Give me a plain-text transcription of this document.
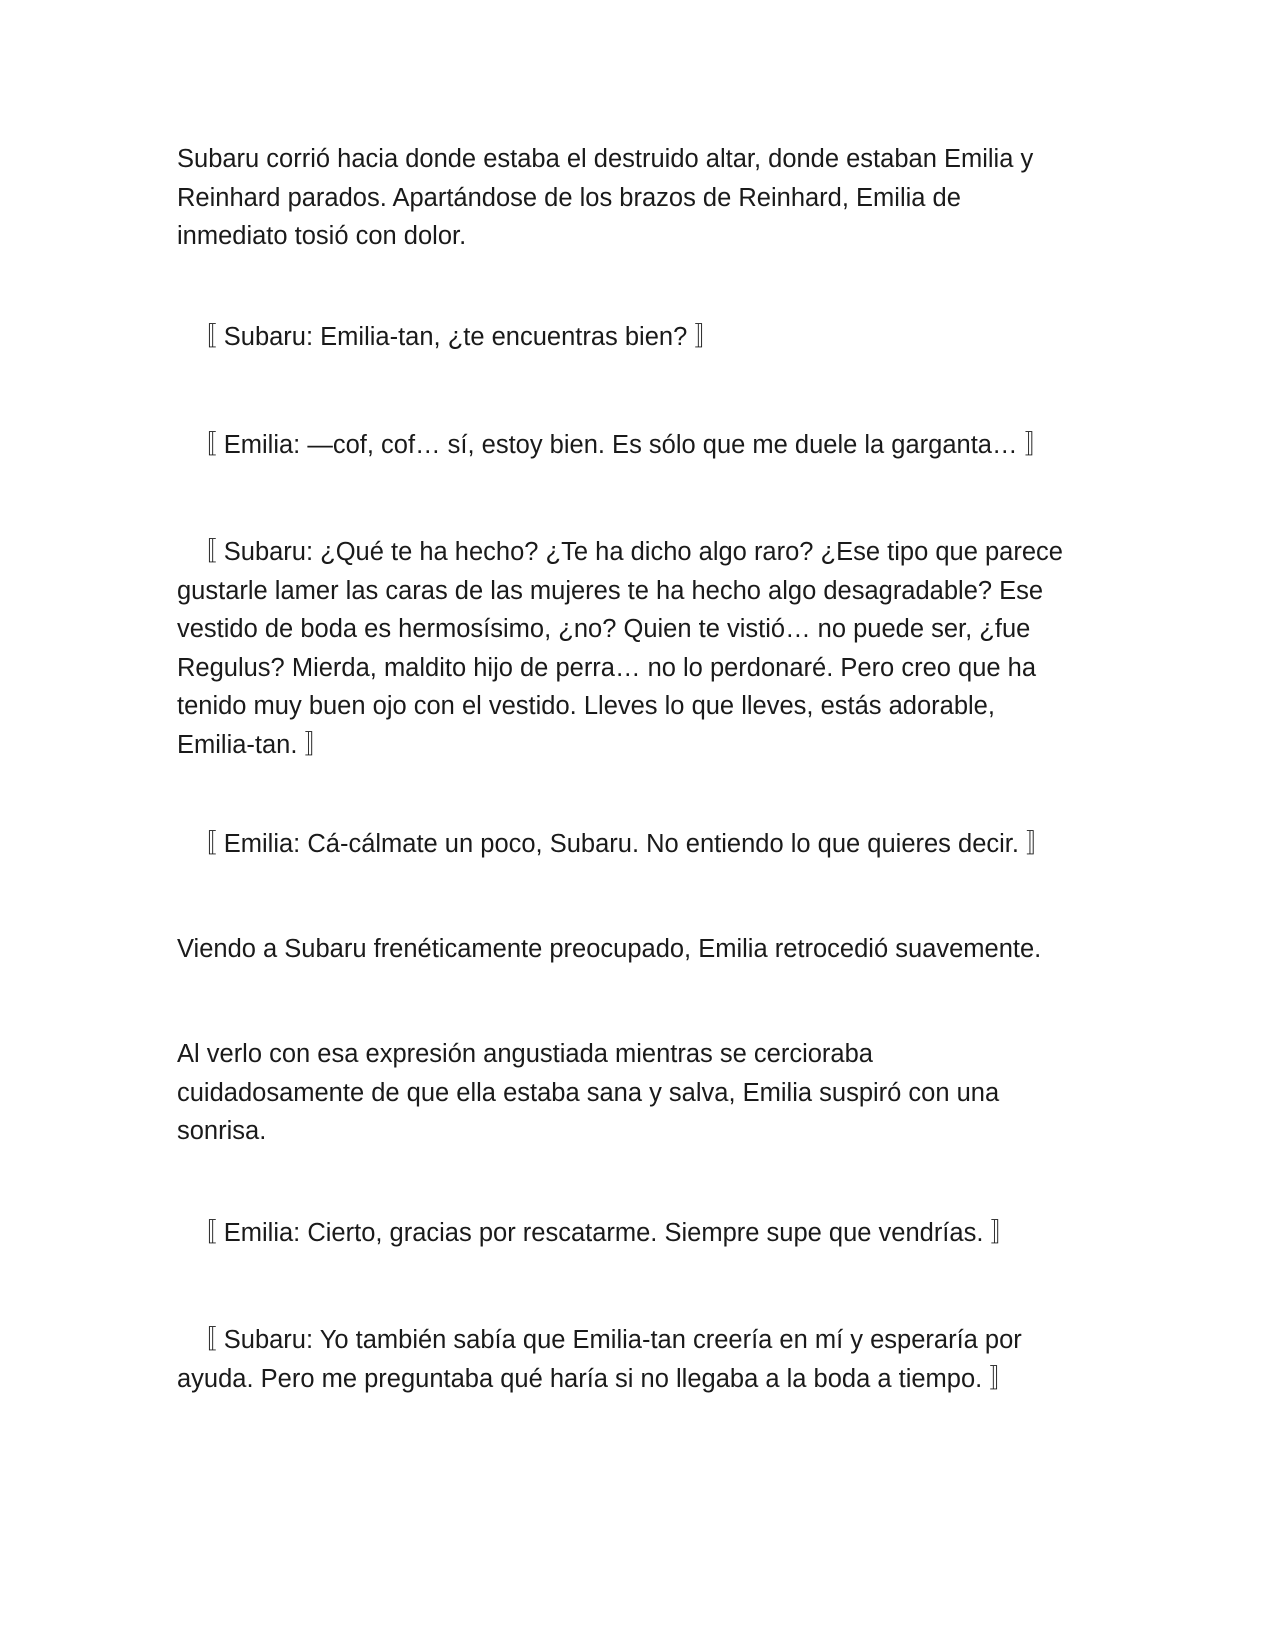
Subaru corrió hacia donde estaba el destruido altar, donde estaban Emilia y
Reinhard parados. Apartándose de los brazos de Reinhard, Emilia de
inmediato tosió con dolor.

〚 Subaru: Emilia-tan, ¿te encuentras bien? 〛

〚 Emilia: —cof, cof… sí, estoy bien. Es sólo que me duele la garganta… 〛

〚 Subaru: ¿Qué te ha hecho? ¿Te ha dicho algo raro? ¿Ese tipo que parece
gustarle lamer las caras de las mujeres te ha hecho algo desagradable? Ese
vestido de boda es hermosísimo, ¿no? Quien te vistió… no puede ser, ¿fue
Regulus? Mierda, maldito hijo de perra… no lo perdonaré. Pero creo que ha
tenido muy buen ojo con el vestido. Lleves lo que lleves, estás adorable,
Emilia-tan. 〛

〚 Emilia: Cá-cálmate un poco, Subaru. No entiendo lo que quieres decir. 〛

Viendo a Subaru frenéticamente preocupado, Emilia retrocedió suavemente.

Al verlo con esa expresión angustiada mientras se cercioraba
cuidadosamente de que ella estaba sana y salva, Emilia suspiró con una
sonrisa.

〚 Emilia: Cierto, gracias por rescatarme. Siempre supe que vendrías. 〛

〚 Subaru: Yo también sabía que Emilia-tan creería en mí y esperaría por
ayuda. Pero me preguntaba qué haría si no llegaba a la boda a tiempo. 〛
